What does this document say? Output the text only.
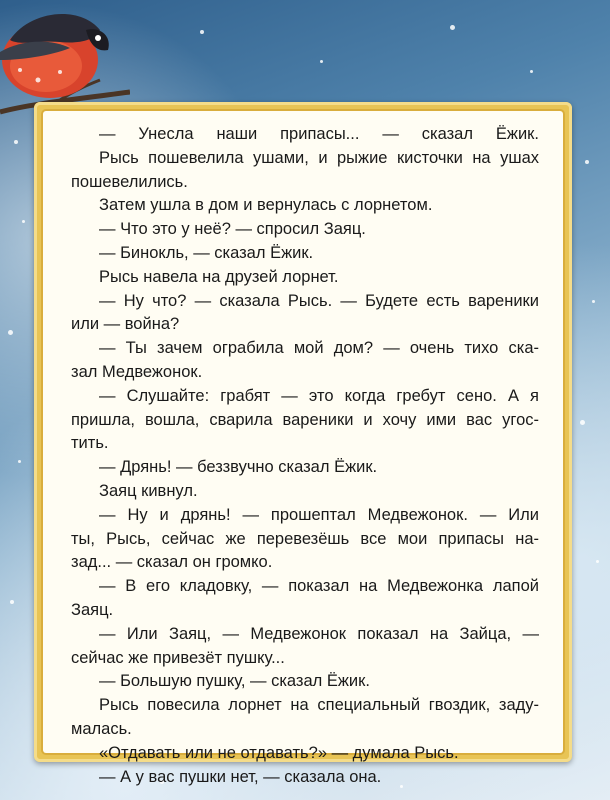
— Унесла наши припасы... — сказал Ёжик.
Рысь пошевелила ушами, и рыжие кисточки на ушах
пошевелились.
Затем ушла в дом и вернулась с лорнетом.
— Что это у неё? — спросил Заяц.
— Бинокль, — сказал Ёжик.
Рысь навела на друзей лорнет.
— Ну что? — сказала Рысь. — Будете есть вареники
или — война?
— Ты зачем ограбила мой дом? — очень тихо ска-
зал Медвежонок.
— Слушайте: грабят — это когда гребут сено. А я
пришла, вошла, сварила вареники и хочу ими вас угос-
тить.
— Дрянь! — беззвучно сказал Ёжик.
Заяц кивнул.
— Ну и дрянь! — прошептал Медвежонок. — Или
ты, Рысь, сейчас же перевезёшь все мои припасы на-
зад... — сказал он громко.
— В его кладовку, — показал на Медвежонка лапой
Заяц.
— Или Заяц, — Медвежонок показал на Зайца, —
сейчас же привезёт пушку...
— Большую пушку, — сказал Ёжик.
Рысь повесила лорнет на специальный гвоздик, заду-
малась.
«Отдавать или не отдавать?» — думала Рысь.
— А у вас пушки нет, — сказала она.
